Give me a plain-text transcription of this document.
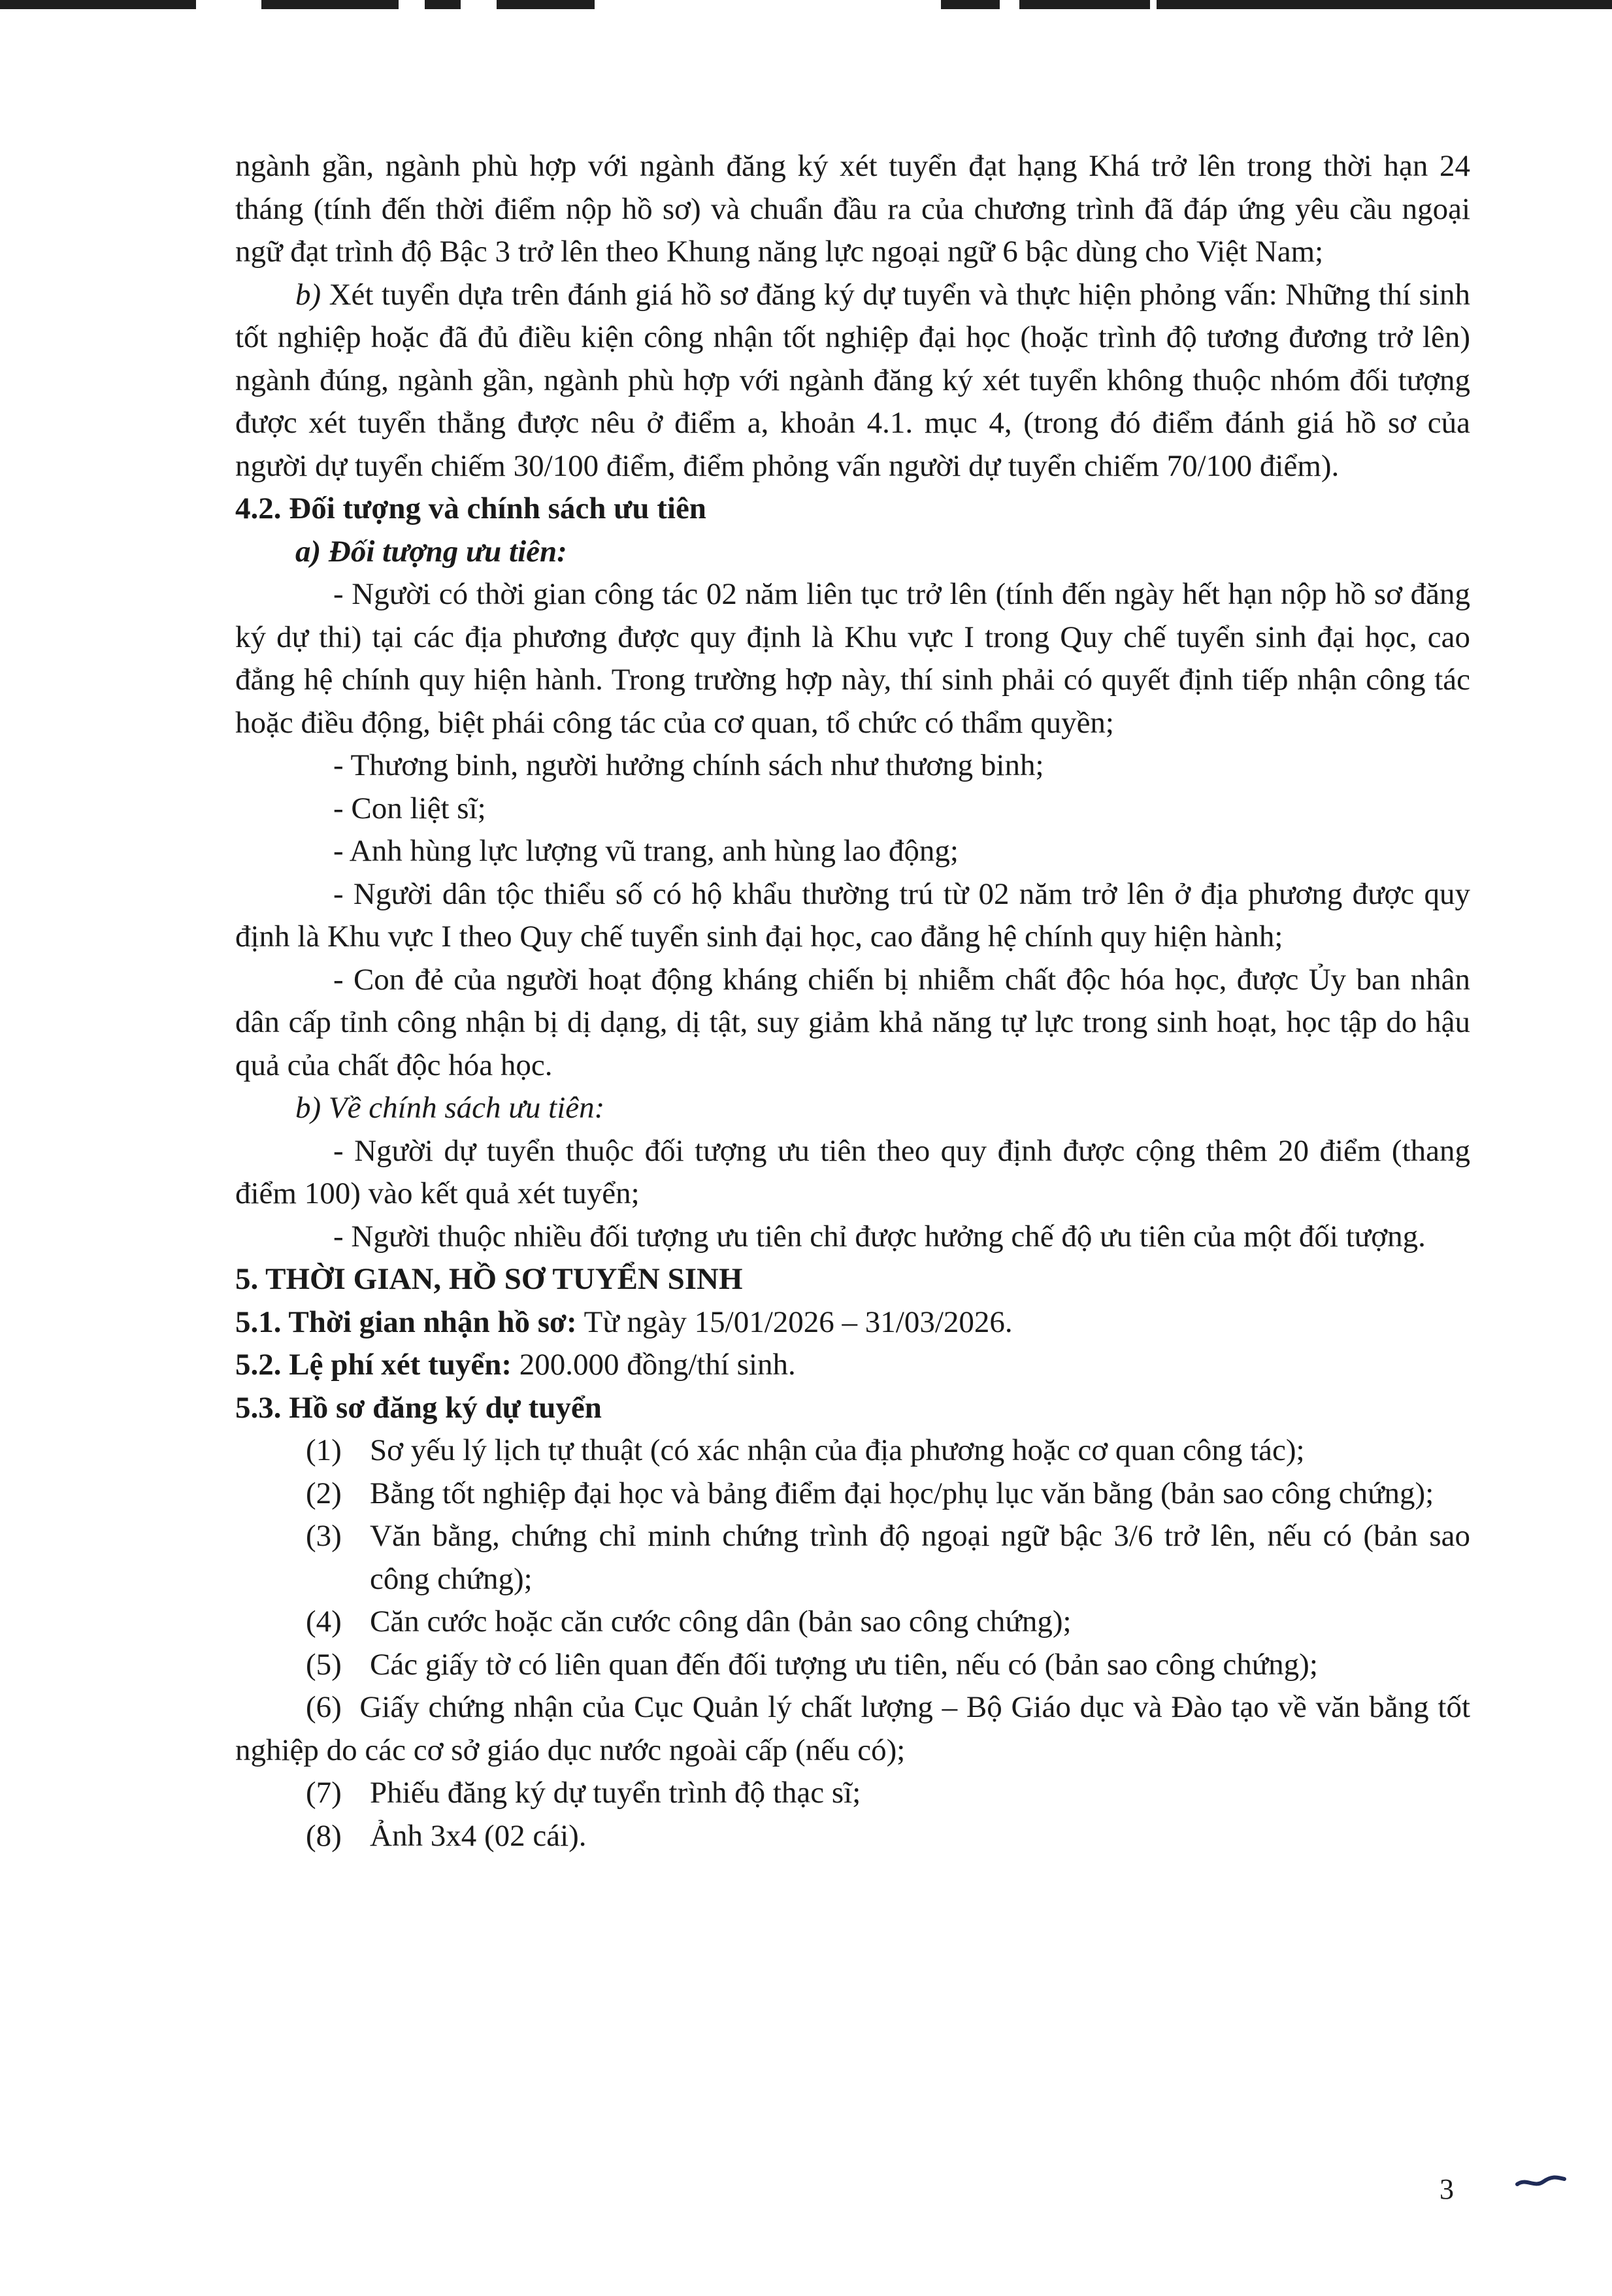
ngành gần, ngành phù hợp với ngành đăng ký xét tuyển đạt hạng Khá trở lên trong thời hạn 24 tháng (tính đến thời điểm nộp hồ sơ) và chuẩn đầu ra của chương trình đã đáp ứng yêu cầu ngoại ngữ đạt trình độ Bậc 3 trở lên theo Khung năng lực ngoại ngữ 6 bậc dùng cho Việt Nam;

b) Xét tuyển dựa trên đánh giá hồ sơ đăng ký dự tuyển và thực hiện phỏng vấn: Những thí sinh tốt nghiệp hoặc đã đủ điều kiện công nhận tốt nghiệp đại học (hoặc trình độ tương đương trở lên) ngành đúng, ngành gần, ngành phù hợp với ngành đăng ký xét tuyển không thuộc nhóm đối tượng được xét tuyển thẳng được nêu ở điểm a, khoản 4.1. mục 4, (trong đó điểm đánh giá hồ sơ của người dự tuyển chiếm 30/100 điểm, điểm phỏng vấn người dự tuyển chiếm 70/100 điểm).

4.2. Đối tượng và chính sách ưu tiên

a) Đối tượng ưu tiên:

- Người có thời gian công tác 02 năm liên tục trở lên (tính đến ngày hết hạn nộp hồ sơ đăng ký dự thi) tại các địa phương được quy định là Khu vực I trong Quy chế tuyển sinh đại học, cao đẳng hệ chính quy hiện hành. Trong trường hợp này, thí sinh phải có quyết định tiếp nhận công tác hoặc điều động, biệt phái công tác của cơ quan, tổ chức có thẩm quyền;

- Thương binh, người hưởng chính sách như thương binh;

- Con liệt sĩ;

- Anh hùng lực lượng vũ trang, anh hùng lao động;

- Người dân tộc thiểu số có hộ khẩu thường trú từ 02 năm trở lên ở địa phương được quy định là Khu vực I theo Quy chế tuyển sinh đại học, cao đẳng hệ chính quy hiện hành;

- Con đẻ của người hoạt động kháng chiến bị nhiễm chất độc hóa học, được Ủy ban nhân dân cấp tỉnh công nhận bị dị dạng, dị tật, suy giảm khả năng tự lực trong sinh hoạt, học tập do hậu quả của chất độc hóa học.

b) Về chính sách ưu tiên:

- Người dự tuyển thuộc đối tượng ưu tiên theo quy định được cộng thêm 20 điểm (thang điểm 100) vào kết quả xét tuyển;

- Người thuộc nhiều đối tượng ưu tiên chỉ được hưởng chế độ ưu tiên của một đối tượng.

5. THỜI GIAN, HỒ SƠ TUYỂN SINH

5.1. Thời gian nhận hồ sơ: Từ ngày 15/01/2026 – 31/03/2026.

5.2. Lệ phí xét tuyển: 200.000 đồng/thí sinh.

5.3. Hồ sơ đăng ký dự tuyển

(1) Sơ yếu lý lịch tự thuật (có xác nhận của địa phương hoặc cơ quan công tác);
(2) Bằng tốt nghiệp đại học và bảng điểm đại học/phụ lục văn bằng (bản sao công chứng);
(3) Văn bằng, chứng chỉ minh chứng trình độ ngoại ngữ bậc 3/6 trở lên, nếu có (bản sao công chứng);
(4) Căn cước hoặc căn cước công dân (bản sao công chứng);
(5) Các giấy tờ có liên quan đến đối tượng ưu tiên, nếu có (bản sao công chứng);
(6) Giấy chứng nhận của Cục Quản lý chất lượng – Bộ Giáo dục và Đào tạo về văn bằng tốt nghiệp do các cơ sở giáo dục nước ngoài cấp (nếu có);
(7) Phiếu đăng ký dự tuyển trình độ thạc sĩ;
(8) Ảnh 3x4 (02 cái).
3
